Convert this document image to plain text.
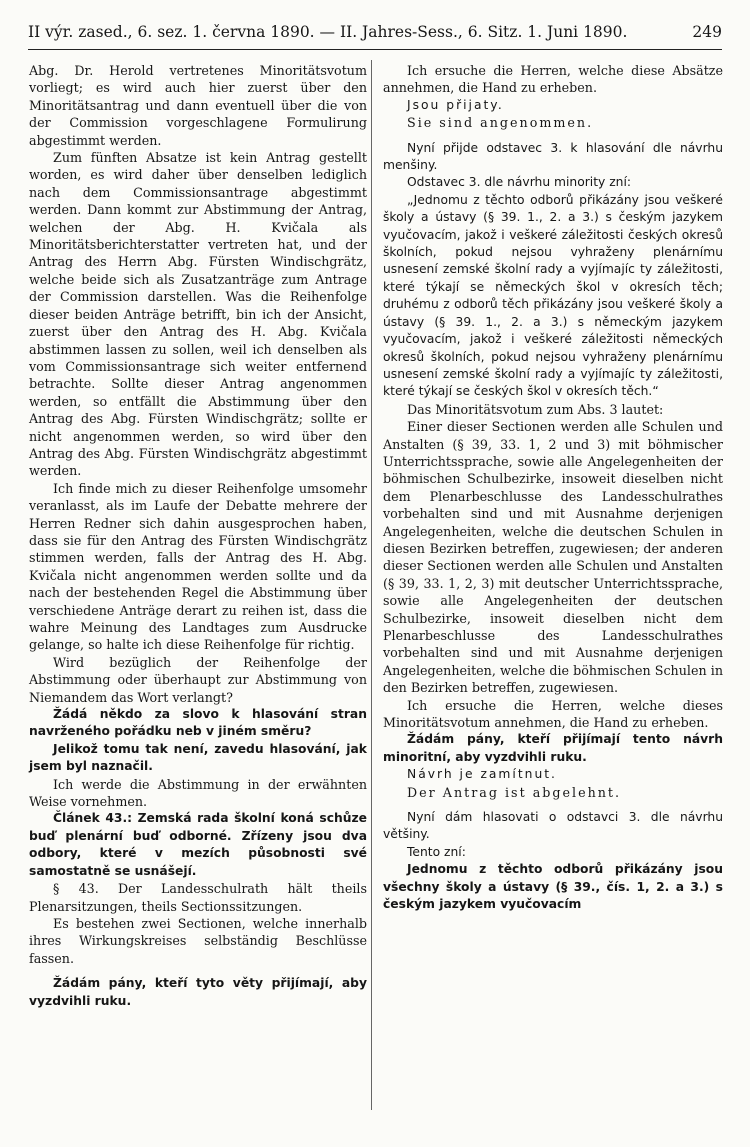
II výr. zased., 6. sez. 1. června 1890. — II. Jahres-Sess., 6. Sitz. 1. Juni 1890.	249

Abg. Dr. Herold vertretenes Minoritätsvotum vorliegt; es wird auch hier zuerst über den Minoritätsantrag und dann eventuell über die von der Commission vorgeschlagene Formulirung abgestimmt werden.

Zum fünften Absatze ist kein Antrag gestellt worden, es wird daher über denselben lediglich nach dem Commissionsantrage abgestimmt werden. Dann kommt zur Abstimmung der Antrag, welchen der Abg. H. Kvičala als Minoritätsberichterstatter vertreten hat, und der Antrag des Herrn Abg. Fürsten Windischgrätz, welche beide sich als Zusatzanträge zum Antrage der Commission darstellen. Was die Reihenfolge dieser beiden Anträge betrifft, bin ich der Ansicht, zuerst über den Antrag des H. Abg. Kvičala abstimmen lassen zu sollen, weil ich denselben als vom Commissionsantrage sich weiter entfernend betrachte. Sollte dieser Antrag angenommen werden, so entfällt die Abstimmung über den Antrag des Abg. Fürsten Windischgrätz; sollte er nicht angenommen werden, so wird über den Antrag des Abg. Fürsten Windischgrätz abgestimmt werden.

Ich finde mich zu dieser Reihenfolge umsomehr veranlasst, als im Laufe der Debatte mehrere der Herren Redner sich dahin ausgesprochen haben, dass sie für den Antrag des Fürsten Windischgrätz stimmen werden, falls der Antrag des H. Abg. Kvičala nicht angenommen werden sollte und da nach der bestehenden Regel die Abstimmung über verschiedene Anträge derart zu reihen ist, dass die wahre Meinung des Landtages zum Ausdrucke gelange, so halte ich diese Reihenfolge für richtig.

Wird bezüglich der Reihenfolge der Abstimmung oder überhaupt zur Abstimmung von Niemandem das Wort verlangt?

Žádá někdo za slovo k hlasování stran navrženého pořádku neb v jiném směru?

Jelikož tomu tak není, zavedu hlasování, jak jsem byl naznačil.

Ich werde die Abstimmung in der erwähnten Weise vornehmen.

Článek 43.: Zemská rada školní koná schůze buď plenární buď odborné. Zřízeny jsou dva odbory, které v mezích působnosti své samostatně se usnášejí.

§ 43. Der Landesschulrath hält theils Plenarsitzungen, theils Sectionssitzungen.

Es bestehen zwei Sectionen, welche innerhalb ihres Wirkungskreises selbständig Beschlüsse fassen.

Žádám pány, kteří tyto věty přijímají, aby vyzdvihli ruku.

Ich ersuche die Herren, welche diese Absätze annehmen, die Hand zu erheben.

Jsou přijaty.

Sie sind angenommen.

Nyní přijde odstavec 3. k hlasování dle návrhu menšiny.

Odstavec 3. dle návrhu minority zní:

„Jednomu z těchto odborů přikázány jsou veškeré školy a ústavy (§ 39. 1., 2. a 3.) s českým jazykem vyučovacím, jakož i veškeré záležitosti českých okresů školních, pokud nejsou vyhraženy plenárnímu usnesení zemské školní rady a vyjímajíc ty záležitosti, které týkají se německých škol v okresích těch; druhému z odborů těch přikázány jsou veškeré školy a ústavy (§ 39. 1., 2. a 3.) s německým jazykem vyučovacím, jakož i veškeré záležitosti německých okresů školních, pokud nejsou vyhraženy plenárnímu usnesení zemské školní rady a vyjímajíc ty záležitosti, které týkají se českých škol v okresích těch.“

Das Minoritätsvotum zum Abs. 3 lautet:

Einer dieser Sectionen werden alle Schulen und Anstalten (§ 39, 33. 1, 2 und 3) mit böhmischer Unterrichtssprache, sowie alle Angelegenheiten der böhmischen Schulbezirke, insoweit dieselben nicht dem Plenarbeschlusse des Landesschulrathes vorbehalten sind und mit Ausnahme derjenigen Angelegenheiten, welche die deutschen Schulen in diesen Bezirken betreffen, zugewiesen; der anderen dieser Sectionen werden alle Schulen und Anstalten (§ 39, 33. 1, 2, 3) mit deutscher Unterrichtssprache, sowie alle Angelegenheiten der deutschen Schulbezirke, insoweit dieselben nicht dem Plenarbeschlusse des Landesschulrathes vorbehalten sind und mit Ausnahme derjenigen Angelegenheiten, welche die böhmischen Schulen in den Bezirken betreffen, zugewiesen.

Ich ersuche die Herren, welche dieses Minoritätsvotum annehmen, die Hand zu erheben.

Žádám pány, kteří přijímají tento návrh minoritní, aby vyzdvihli ruku.

Návrh je zamítnut.

Der Antrag ist abgelehnt.

Nyní dám hlasovati o odstavci 3. dle návrhu většiny.

Tento zní:

Jednomu z těchto odborů přikázány jsou všechny školy a ústavy (§ 39., čís. 1, 2. a 3.) s českým jazykem vyučovacím
